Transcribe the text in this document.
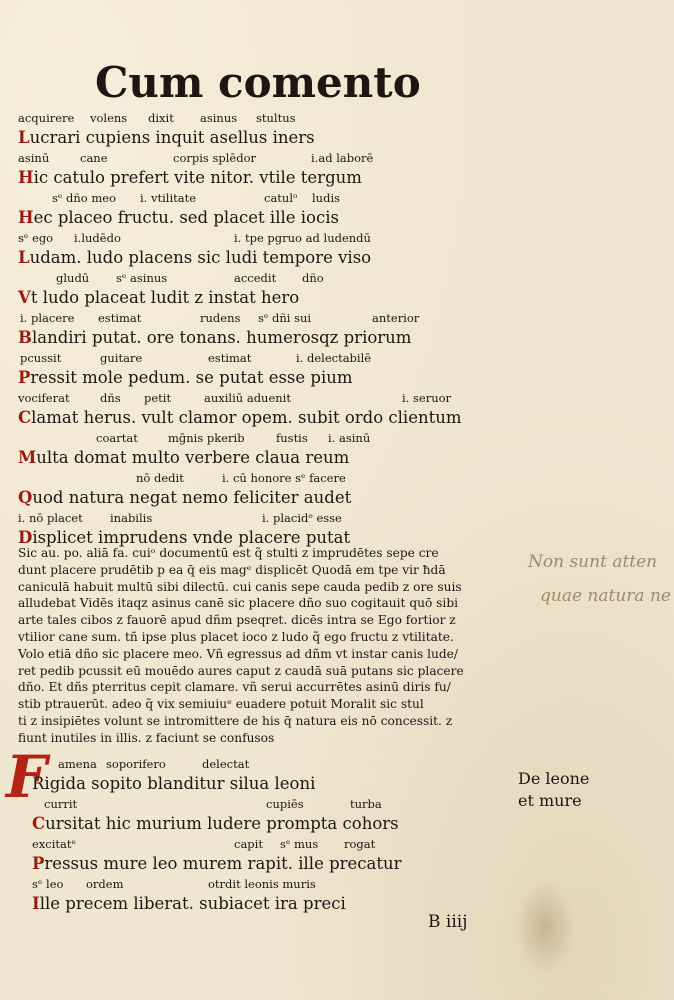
Cum comento
acquirere volens dixit asinus stultus
Lucrari cupiens inquit asellus iners
asinū	cane	corpis splēdor	i.ad laborē
Hic catulo prefert vite nitor. vtile tergum
sᵉ dño meo i. vtilitate	catulᵒ ludis
Hec placeo fructu. sed placet ille iocis
sᵉ ego i.ludēdo	i. tpe pgruo ad ludendū
Ludam. ludo placens sic ludi tempore viso
gludū sᵉ asinus	accedit dño
Vt ludo placeat ludit z instat hero
i. placere estimat	rudens sᵉ dñi sui	anterior
Blandiri putat. ore tonans. humerosqz priorum
pcussit	guitare	estimat	i. delectabilē
Pressit mole pedum. se putat esse pium
vociferat	dñs petit	auxiliū aduenit	i. seruor
Clamat herus. vult clamor opem. subit ordo clientum
coartat	mḡnis pkerib	fustis i. asinū
Multa domat multo verbere claua reum
nō dedit	i. cū honore sᵉ facere
Quod natura negat nemo feliciter audet
i. nō placet inabilis	i. placidᵒ esse
Displicet imprudens vnde placere putat
Sic au. po. aliā fa. cuiᵒ documentū est q̃ stulti z imprudētes sepe cre
dunt placere prudētib p ea q̄ eis magᵉ displicēt Quodā em tpe vir ħdā
caniculā habuit multū sibi dilectū. cui canis sepe cauda pedib z ore suis
alludebat Vidēs itaqz asinus canē sic placere dño suo cogitauit quō sibi
arte tales cibos z fauorē apud dñm pseqret. dicēs intra se Ego fortior z
vtilior cane sum. tñ ipse plus placet ioco z ludo q̃ ego fructu z vtilitate.
Volo etiā dño sic placere meo. Vñ egressus ad dñm vt instar canis lude/
ret pedib pcussit eū mouēdo aures caput z caudā suā putans sic placere
dño. Et dñs pterritus cepit clamare. vñ serui accurrētes asinū diris fu/
stib ptrauerūt. adeo q̃ vix semiuiuᵉ euadere potuit Moralit sic stul
ti z insipiētes volunt se intromittere de his q̄ natura eis nō concessit. z
fiunt inutiles in illis. z faciunt se confusos
F amena soporifero	delectat
Rigida sopito blanditur silua leoni
currit	cupiēs	turba
Cursitat hic murium ludere prompta cohors
excitatᵉ	capit sᵉ mus rogat
Pressus mure leo murem rapit. ille precatur
sᵉ leo ordem	otrdit leonis muris
Ille precem liberat. subiacet ira preci
De leone
et mure
Non sunt atten
quae natura ne
B iiij
